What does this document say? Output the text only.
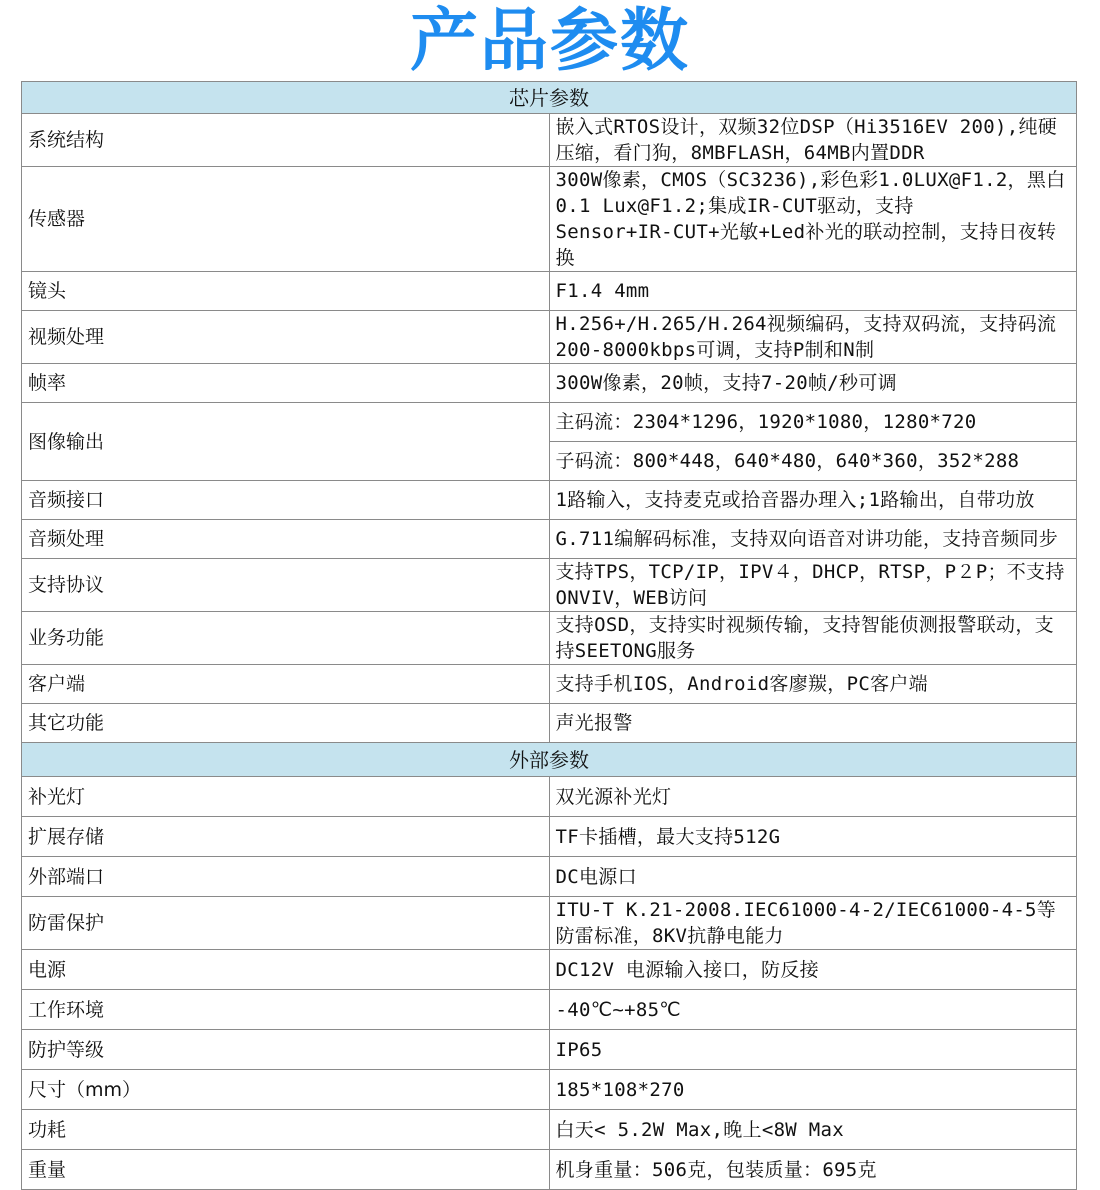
产品参数
芯片参数	
系统结构	嵌入式RTOS设计，双频32位DSP（Hi3516EV 200),纯硬压缩，看门狗，8MBFLASH，64MB内置DDR
传感器	300W像素，CMOS（SC3236),彩色彩1.0LUX@F1.2，黑白 0.1 Lux@F1.2;集成IR-CUT驱动，支持
Sensor+IR-CUT+光敏+Led补光的联动控制，支持日夜转换

镜头	F1.4 4mm
视频处理	H.256+/H.265/H.264视频编码，支持双码流，支持码流200-8000kbps可调，支持P制和N制
帧率	300W像素，20帧，支持7-20帧/秒可调
图像输出	主码流：2304*1296，1920*1080，1280*720
	子码流：800*448，640*480，640*360，352*288
音频接口	1路输入，支持麦克或拾音器办理入;1路输出，自带功放
音频处理	G.711编解码标准，支持双向语音对讲功能，支持音频同步
支持协议	支持TPS，TCP/IP，IPV４，DHCP，RTSP，P２P；不支持ONVIV，WEB访问
业务功能	支持OSD，支持实时视频传输，支持智能侦测报警联动，支持SEETONG服务
客户端	支持手机IOS，Android客廖羰，PC客户端
其它功能	声光报警
外部参数	
补光灯	双光源补光灯
扩展存储	TF卡插槽，最大支持512G
外部端口	DC电源口
防雷保护	ITU-T K.21-2008.IEC61000-4-2/IEC61000-4-5等防雷标准，8KV抗静电能力
电源	DC12V 电源输入接口，防反接
工作环境	-40℃~+85℃
防护等级	IP65
尺寸（mm）	185*108*270
功耗	白天< 5.2W Max,晚上<8W Max
重量	机身重量：506克，包装质量：695克
